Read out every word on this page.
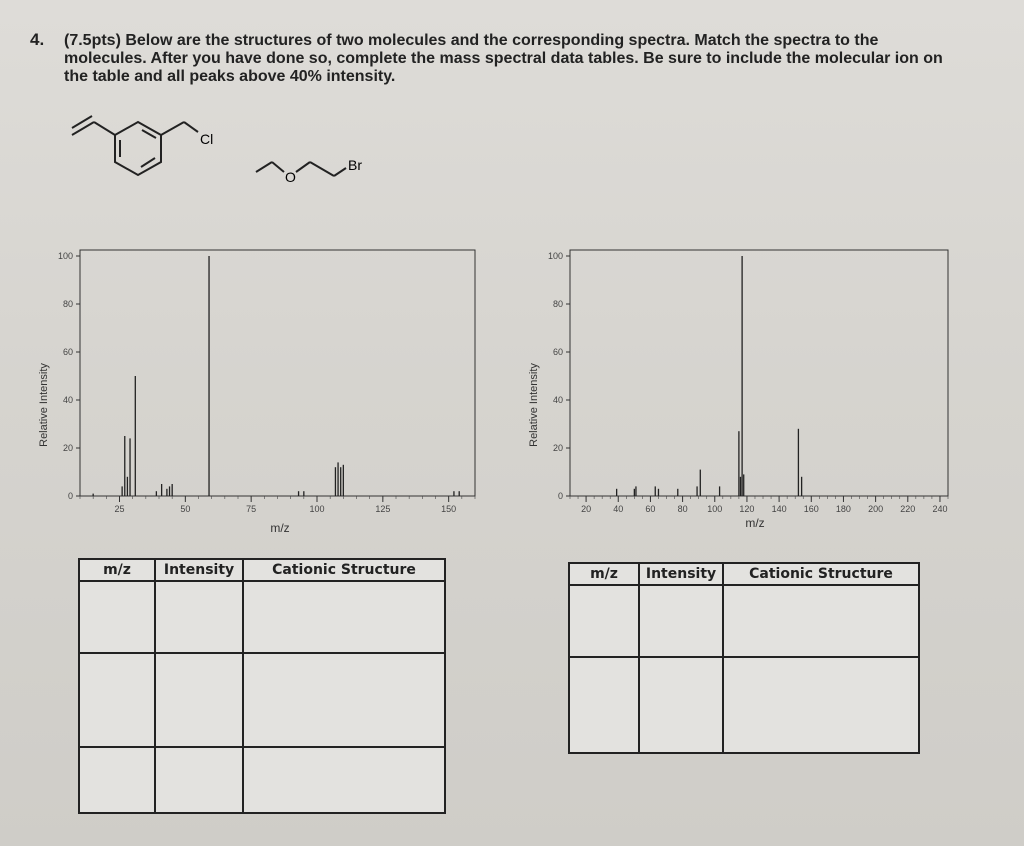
4. (7.5pts) Below are the structures of two molecules and the corresponding spectra. Match the spectra to the molecules. After you have done so, complete the mass spectral data tables. Be sure to include the molecular ion on the table and all peaks above 40% intensity.
Cl
O
Br
Relative Intensity
m/z
0
20
40
60
80
100
25	50	75	100	125	150
Relative Intensity
m/z
0
20
40
60
80
100
20 40 60 80 100 120 140 160 180 200 220 240
m/z	Intensity	Cationic Structure

			m/z	Intensity	Cationic Structure
